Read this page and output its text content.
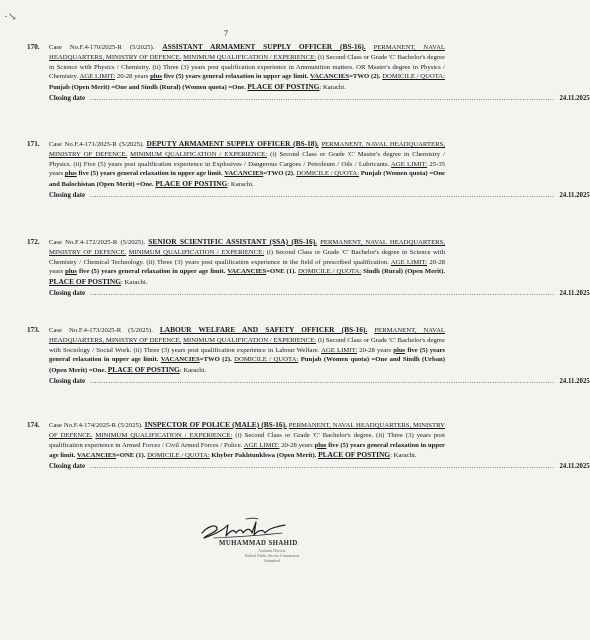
·↘
7
170. Case No.F.4-170/2025-R (5/2025). ASSISTANT ARMAMENT SUPPLY OFFICER (BS-16). PERMANENT, NAVAL HEADQUARTERS, MINISTRY OF DEFENCE. MINIMUM QUALIFICATION / EXPERIENCE: (i) Second Class or Grade 'C' Bachelor's degree in Science with Physics / Chemistry. (ii) Three (3) years post qualification experience in Ammunition matters. OR Master's degree in Physics / Chemistry. AGE LIMIT: 20-28 years plus five (5) years general relaxation in upper age limit. VACANCIES=TWO (2). DOMICILE / QUOTA: Punjab (Open Merit) =One and Sindh (Rural) (Women quota) =One. PLACE OF POSTING: Karachi.
Closing date .......................................................................................................................................................................................................... 24.11.2025
171. Case No.F.4-171/2025-R (5/2025). DEPUTY ARMAMENT SUPPLY OFFICER (BS-18). PERMANENT, NAVAL HEADQUARTERS, MINISTRY OF DEFENCE. MINIMUM QUALIFICATION / EXPERIENCE: (i) Second Class or Grade 'C' Master's degree in Chemistry / Physics. (ii) Five (5) years post qualification experience in Explosives / Dangerous Cargoes / Petroleum / Oils / Lubricants. AGE LIMIT: 25-35 years plus five (5) years general relaxation in upper age limit. VACANCIES=TWO (2). DOMICILE / QUOTA: Punjab (Women quota) =One and Balochistan (Open Merit) =One. PLACE OF POSTING: Karachi.
Closing date .......................................................................................................................................................................................................... 24.11.2025
172. Case No.F.4-172/2025-R (5/2025). SENIOR SCIENTIFIC ASSISTANT (SSA) (BS-16). PERMANENT, NAVAL HEADQUARTERS, MINISTRY OF DEFENCE. MINIMUM QUALIFICATION / EXPERIENCE: (i) Second Class or Grade 'C' Bachelor's degree in Science with Chemistry / Chemical Technology. (ii) Three (3) years post qualification experience in the field of prescribed qualification. AGE LIMIT: 20-28 years plus five (5) years general relaxation in upper age limit. VACANCIES=ONE (1). DOMICILE / QUOTA: Sindh (Rural) (Open Merit). PLACE OF POSTING: Karachi.
Closing date .......................................................................................................................................................................................................... 24.11.2025
173. Case No.F.4-173/2025-R (5/2025). LABOUR WELFARE AND SAFETY OFFICER (BS-16). PERMANENT, NAVAL HEADQUARTERS, MINISTRY OF DEFENCE. MINIMUM QUALIFICATION / EXPERIENCE: (i) Second Class or Grade 'C' Bachelor's degree with Sociology / Social Work. (ii) Three (3) years post qualification experience in Labour Welfare. AGE LIMIT: 20-28 years plus five (5) years general relaxation in upper age limit. VACANCIES=TWO (2). DOMICILE / QUOTA: Punjab (Women quota) =One and Sindh (Urban) (Open Merit) =One. PLACE OF POSTING: Karachi.
Closing date .......................................................................................................................................................................................................... 24.11.2025
174. Case No.F.4-174/2025-R (5/2025). INSPECTOR OF POLICE (MALE) (BS-16). PERMANENT, NAVAL HEADQUARTERS, MINISTRY OF DEFENCE. MINIMUM QUALIFICATION / EXPERIENCE: (i) Second Class or Grade 'C' Bachelor's degree. (ii) Three (3) years post qualification experience in Armed Forces / Civil Armed Forces / Police. AGE LIMIT: 20-28 years plus five (5) years general relaxation in upper age limit. VACANCIES=ONE (1). DOMICILE / QUOTA: Khyber Pakhtunkhwa (Open Merit). PLACE OF POSTING: Karachi.
Closing date .......................................................................................................................................................................................................... 24.11.2025
MUHAMMAD SHAHID
Assistant Director
Federal Public Service Commission
Islamabad
